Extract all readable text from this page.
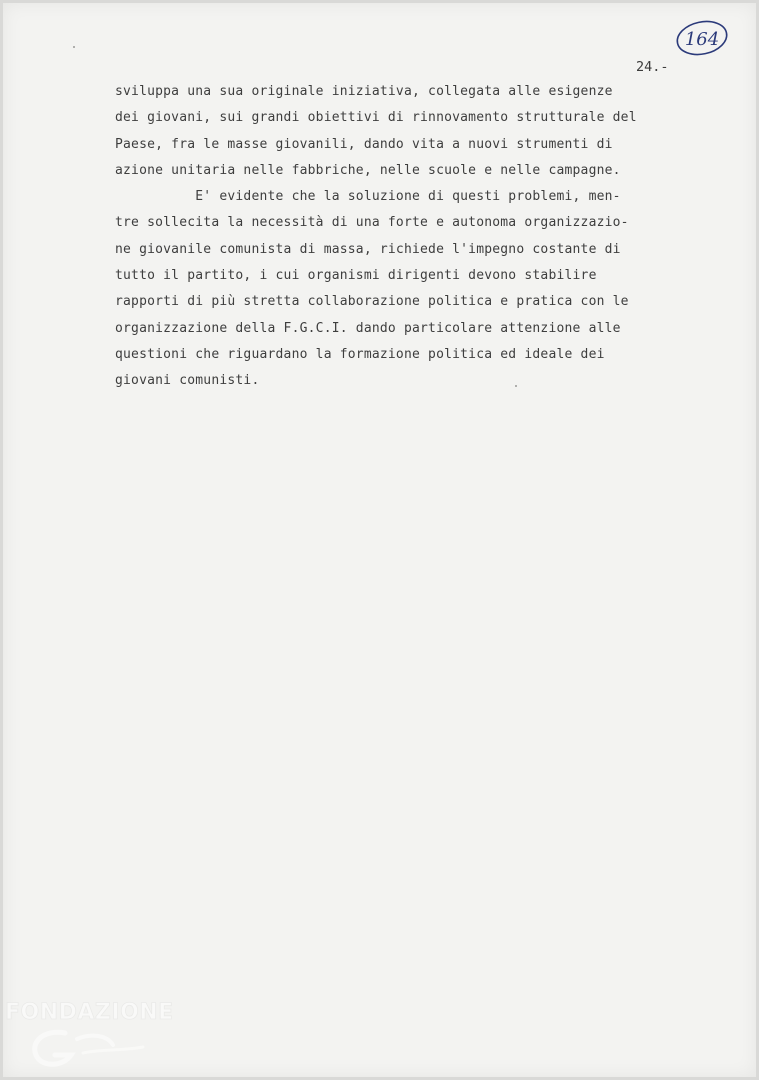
164
24.-
sviluppa una sua originale iniziativa, collegata alle esigenze
dei giovani, sui grandi obiettivi di rinnovamento strutturale del
Paese, fra le masse giovanili, dando vita a nuovi strumenti di
azione unitaria nelle fabbriche, nelle scuole e nelle campagne.
E' evidente che la soluzione di questi problemi, men-
tre sollecita la necessità di una forte e autonoma organizzazio-
ne giovanile comunista di massa, richiede l'impegno costante di
tutto il partito, i cui organismi dirigenti devono stabilire
rapporti di più stretta collaborazione politica e pratica con le
organizzazione della F.G.C.I. dando particolare attenzione alle
questioni che riguardano la formazione politica ed ideale dei
giovani comunisti.
FONDAZIONE
